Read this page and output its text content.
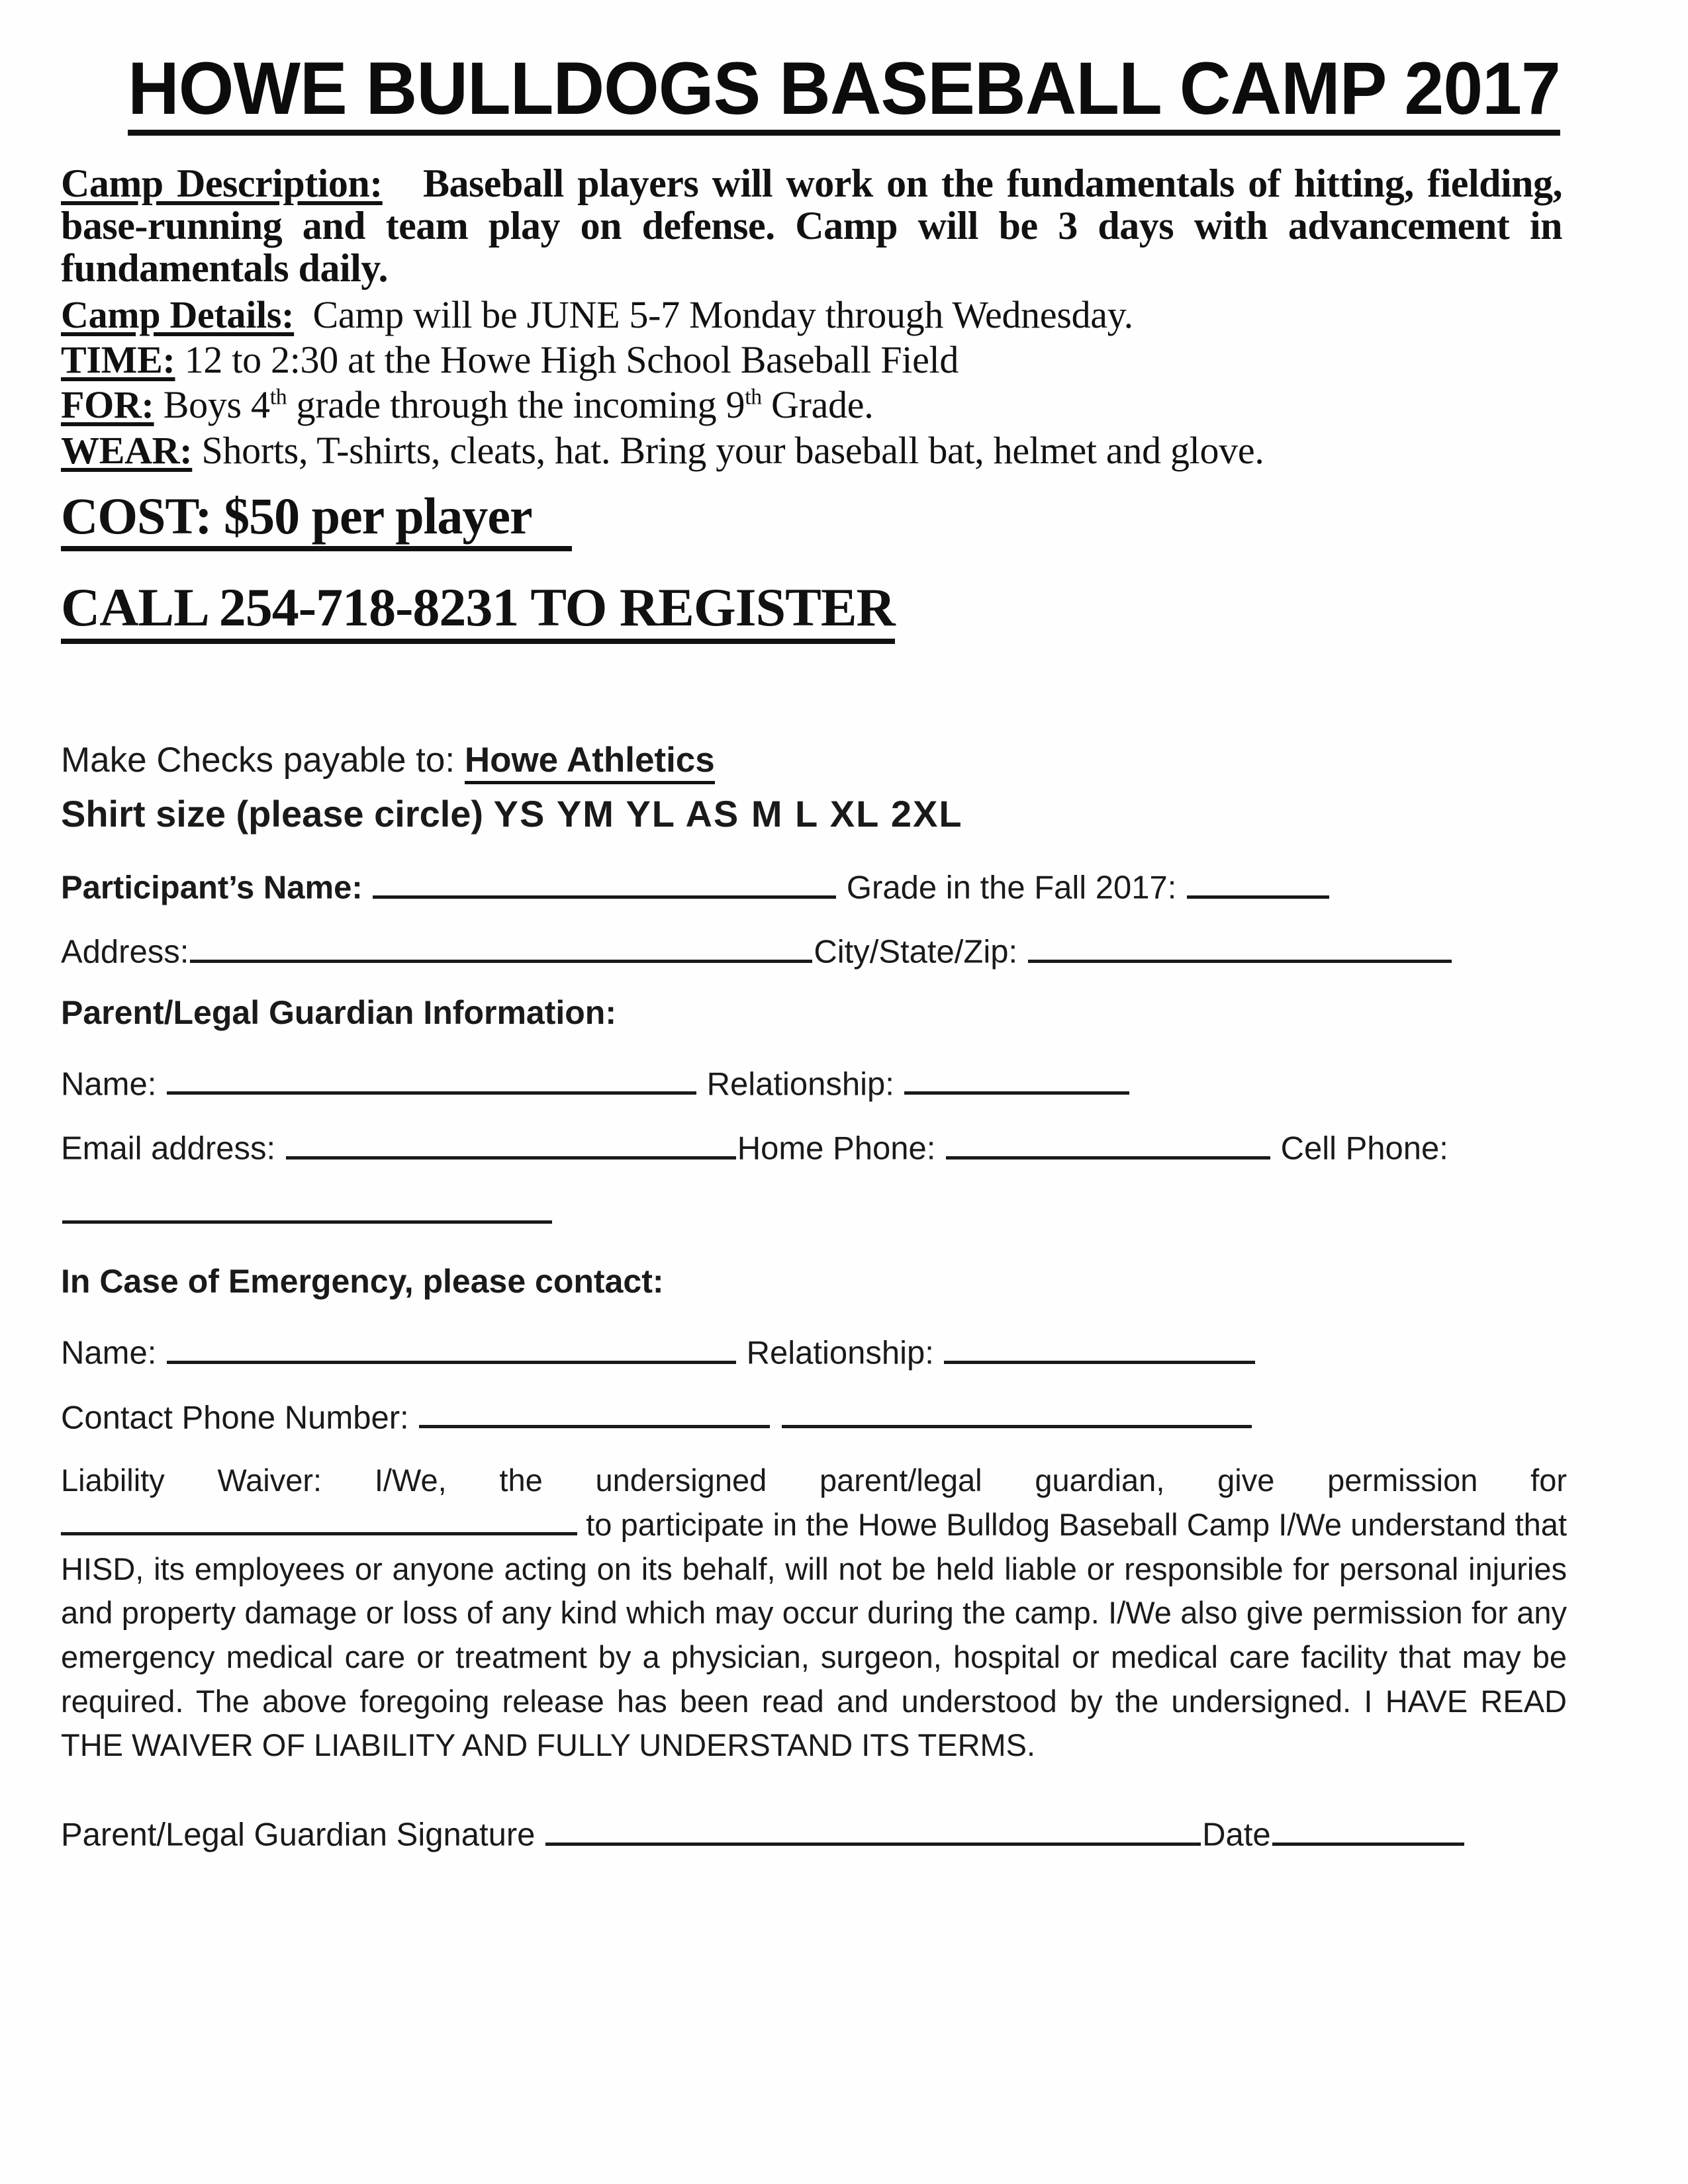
HOWE BULLDOGS BASEBALL CAMP 2017

Camp Description: Baseball players will work on the fundamentals of hitting, fielding, base-running and team play on defense. Camp will be 3 days with advancement in fundamentals daily.

Camp Details: Camp will be JUNE 5-7 Monday through Wednesday.

TIME: 12 to 2:30 at the Howe High School Baseball Field

FOR: Boys 4th grade through the incoming 9th Grade.

WEAR: Shorts, T-shirts, cleats, hat. Bring your baseball bat, helmet and glove.

COST: $50 per player

CALL 254-718-8231 TO REGISTER

Make Checks payable to: Howe Athletics
Shirt size (please circle) YS YM YL AS M L XL 2XL
Participant’s Name:	Grade in the Fall 2017:
Address:	City/State/Zip:
Parent/Legal Guardian Information:
Name:	Relationship:
Email address:	Home Phone:	Cell Phone:
In Case of Emergency, please contact:
Name:	Relationship:
Contact Phone Number:

Liability Waiver: I/We, the undersigned parent/legal guardian, give permission for  to participate in the Howe Bulldog Baseball Camp I/We understand that HISD, its employees or anyone acting on its behalf, will not be held liable or responsible for personal injuries and property damage or loss of any kind which may occur during the camp. I/We also give permission for any emergency medical care or treatment by a physician, surgeon, hospital or medical care facility that may be required. The above foregoing release has been read and understood by the undersigned. I HAVE READ THE WAIVER OF LIABILITY AND FULLY UNDERSTAND ITS TERMS.

Parent/Legal Guardian Signature	Date
